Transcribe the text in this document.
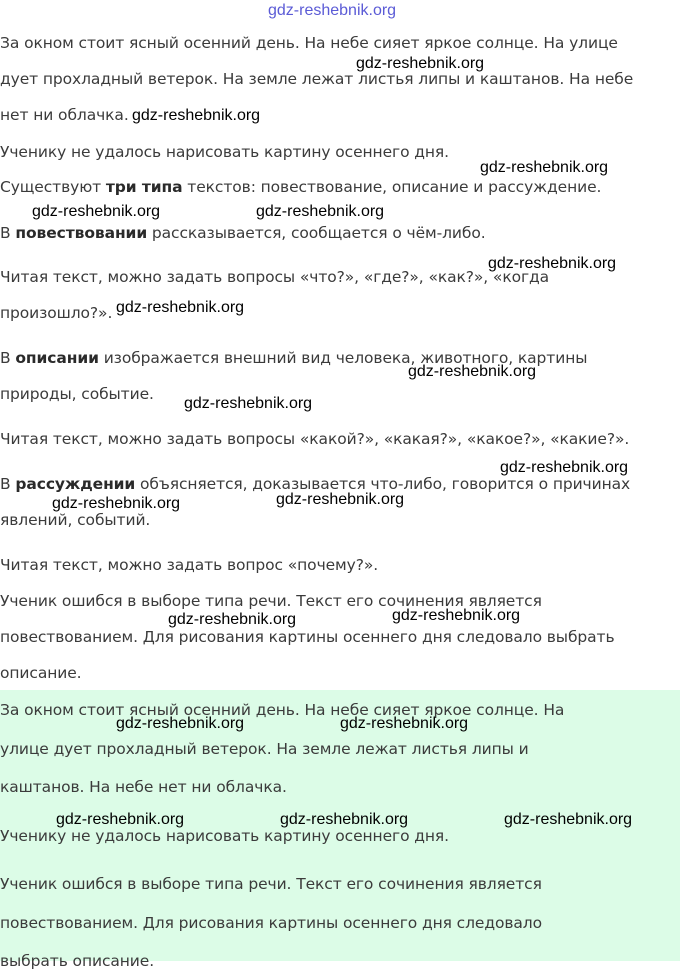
gdz-reshebnik.org
За окном стоит ясный осенний день. На небе сияет яркое солнце. На улице
дует прохладный ветерок. На земле лежат листья липы и каштанов. На небе
нет ни облачка.
Ученику не удалось нарисовать картину осеннего дня.
Существуют три типа текстов: повествование, описание и рассуждение.
В повествовании рассказывается, сообщается о чём-либо.
Читая текст, можно задать вопросы «что?», «где?», «как?», «когда
произошло?».
В описании изображается внешний вид человека, животного, картины
природы, событие.
Читая текст, можно задать вопросы «какой?», «какая?», «какое?», «какие?».
В рассуждении объясняется, доказывается что-либо, говорится о причинах
явлений, событий.
Читая текст, можно задать вопрос «почему?».
Ученик ошибся в выборе типа речи. Текст его сочинения является
повествованием. Для рисования картины осеннего дня следовало выбрать
описание.
За окном стоит ясный осенний день. На небе сияет яркое солнце. На
улице дует прохладный ветерок. На земле лежат листья липы и
каштанов. На небе нет ни облачка.
Ученику не удалось нарисовать картину осеннего дня.
Ученик ошибся в выборе типа речи. Текст его сочинения является
повествованием. Для рисования картины осеннего дня следовало
выбрать описание.
gdz-reshebnik.org
gdz-reshebnik.org
gdz-reshebnik.org
gdz-reshebnik.org	gdz-reshebnik.org
gdz-reshebnik.org
gdz-reshebnik.org
gdz-reshebnik.org
gdz-reshebnik.org
gdz-reshebnik.org
gdz-reshebnik.org
gdz-reshebnik.org
gdz-reshebnik.org
gdz-reshebnik.org
gdz-reshebnik.org	gdz-reshebnik.org
gdz-reshebnik.org	gdz-reshebnik.org	gdz-reshebnik.org
